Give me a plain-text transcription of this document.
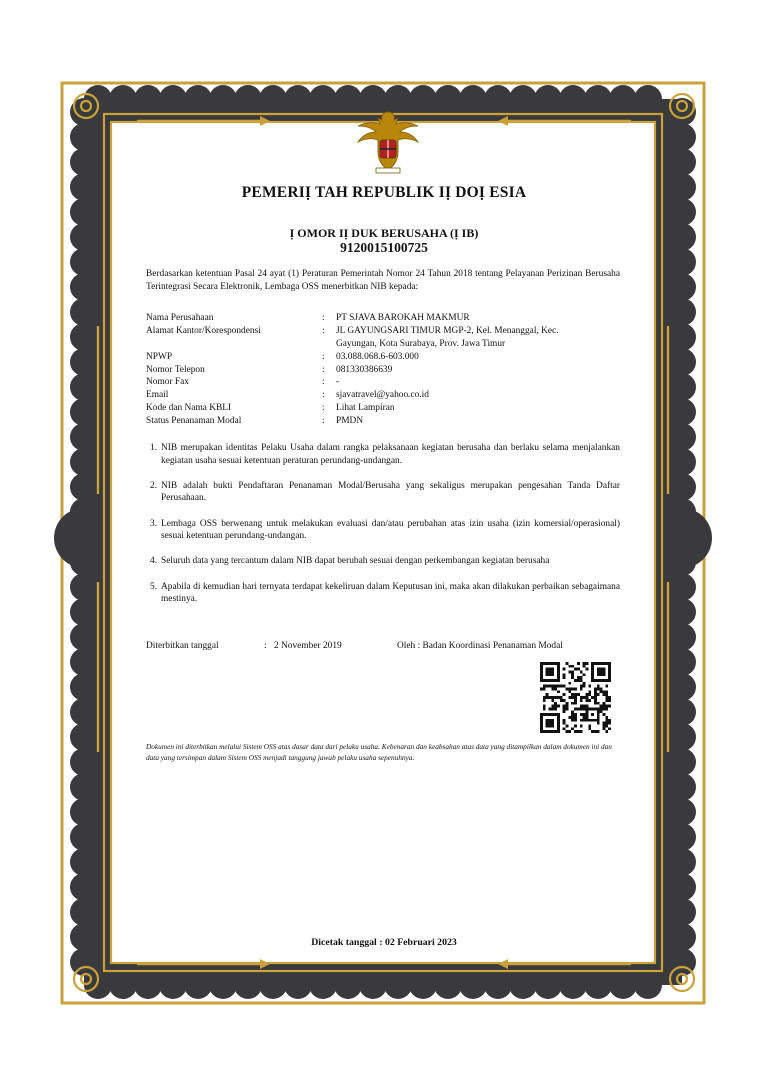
PEMERIỊ TAH REPUBLIK IỊ DOỊ ESIA
Ị OMOR IỊ DUK BERUSAHA (Ị IB)
9120015100725
Berdasarkan ketentuan Pasal 24 ayat (1) Peraturan Pemerintah Nomor 24 Tahun 2018 tentang Pelayanan Perizinan Berusaha Terintegrasi Secara Elektronik, Lembaga OSS menerbitkan NIB kepada:
Nama Perusahaan	: PT SJAVA BAROKAH MAKMUR
Alamat Kantor/Korespondensi	: JL GAYUNGSARI TIMUR MGP-2, Kel. Menanggal, Kec. Gayungan, Kota Surabaya, Prov. Jawa Timur
NPWP	: 03.088.068.6-603.000
Nomor Telepon	: 081330386639
Nomor Fax	: -
Email	: sjavatravel@yahoo.co.id
Kode dan Nama KBLI	: Lihat Lampiran
Status Penanaman Modal	: PMDN
1. NIB merupakan identitas Pelaku Usaha dalam rangka pelaksanaan kegiatan berusaha dan berlaku selama menjalankan kegiatan usaha sesuai ketentuan peraturan perundang-undangan.
2. NIB adalah bukti Pendaftaran Penanaman Modal/Berusaha yang sekaligus merupakan pengesahan Tanda Daftar Perusahaan.
3. Lembaga OSS berwenang untuk melakukan evaluasi dan/atau perubahan atas izin usaha (izin komersial/operasional) sesuai ketentuan perundang-undangan.
4. Seluruh data yang tercantum dalam NIB dapat berubah sesuai dengan perkembangan kegiatan berusaha
5. Apabila di kemudian hari ternyata terdapat kekeliruan dalam Keputusan ini, maka akan dilakukan perbaikan sebagaimana mestinya.
Diterbitkan tanggal	: 2 November 2019	Oleh : Badan Koordinasi Penanaman Modal
Dokumen ini diterbitkan melalui Sistem OSS atas dasar data dari pelaku usaha. Kebenaran dan keabsahan atas data yang ditampilkan dalam dokumen ini dan data yang tersimpan dalam Sistem OSS menjadi tanggung jawab pelaku usaha sepenuhnya.
Dicetak tanggal : 02 Februari 2023
